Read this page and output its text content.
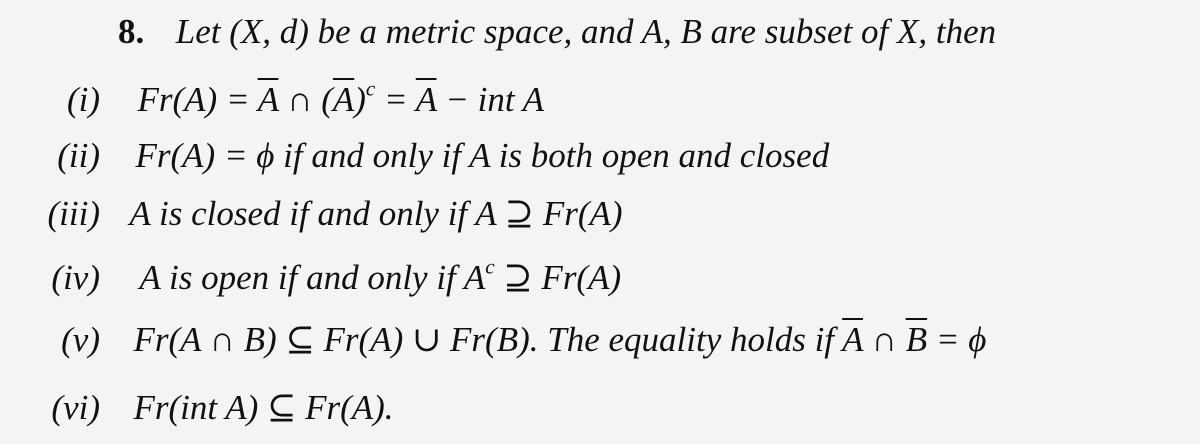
8. Let (X, d) be a metric space, and A, B are subset of X, then
(i) $Fr(A) = \overline{A}$ ∩ $(\overline{A})^c = \overline{A}$ − int A
(ii) Fr(A) = ϕ if and only if A is both open and closed
(iii) A is closed if and only if A ⊇ Fr(A)
(iv) A is open if and only if $A^c$ ⊇ Fr(A)
(v) Fr(A ∩ B) ⊆ Fr(A) ∪ Fr(B). The equality holds if $\overline{A}$ ∩ $\overline{B} = \phi$
(vi) Fr(int A) ⊆ Fr(A).
